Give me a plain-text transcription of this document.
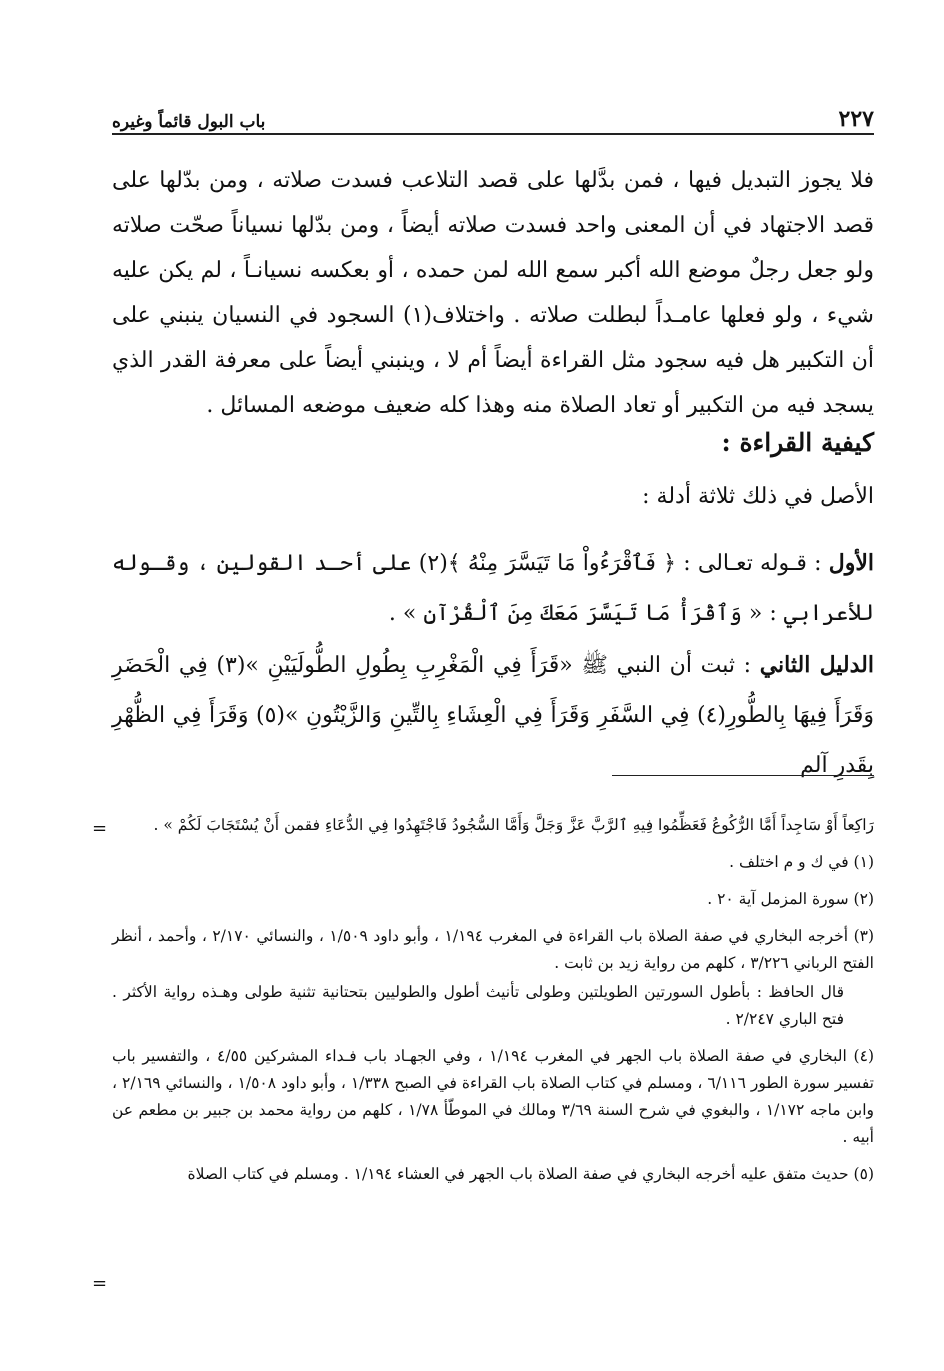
٢٢٧
باب البول قائماً وغيره

فلا يجوز التبديل فيها ، فمن بدَّلها على قصد التلاعب فسدت صلاته ، ومن بدّلها على قصد الاجتهاد في أن المعنى واحد فسدت صلاته أيضاً ، ومن بدّلها نسياناً صحّت صلاته ولو جعل رجلٌ موضع الله أكبر سمع الله لمن حمده ، أو بعكسه نسيانـاً ، لم يكن عليه شيء ، ولو فعلها عامـداً لبطلت صلاته . واختلاف(١) السجود في النسيان ينبني على أن التكبير هل فيه سجود مثل القراءة أيضاً أم لا ، وينبني أيضاً على معرفة القدر الذي يسجد فيه من التكبير أو تعاد الصلاة منه وهذا كله ضعيف موضعه المسائل .

كيفية القراءة :
الأصل في ذلك ثلاثة أدلة :

الأول : قـوله تعـالى : ﴿ فَٱقْرَءُواْ مَا تَيَسَّرَ مِنْهُ ﴾(٢) على أحـد القولين ، وقـوله للأعرابي : « وَٱقْرَأْ مَا تَيَسَّرَ مَعَكَ مِنَ ٱلْقُرْآنِ » .

الدليل الثاني : ثبت أن النبي ﷺ «قَرَأَ فِي الْمَغْرِبِ بِطُولِ الطُّولَيَيْنِ »(٣) فِي الْحَضَرِ وَقَرَأَ فِيهَا بِالطُّورِ(٤) فِي السَّفَرِ وَقَرَأَ فِي الْعِشَاءِ بِالتِّينِ وَالزَّيْتُونِ »(٥) وَقَرَأَ فِي الظُّهْرِ بِقَدرِ آلم

رَاكِعاً أَوْ سَاجِداً أَمَّا الرُّكُوعُ فَعَظِّمُوا فِيهِ ٱلرَّبَّ عَزَّ وَجَلَّ وَأَمَّا السُّجُودُ فَاجْتَهِدُوا فِي الدُّعَاءِ فقمن أَنْ يُسْتَجَابَ لَكُمْ » .

(١) في ك و م اختلف .

(٢) سورة المزمل آية ٢٠ .

(٣) أخرجه البخاري في صفة الصلاة باب القراءة في المغرب ١/١٩٤ ، وأبو داود ١/٥٠٩ ، والنسائي ٢/١٧٠ ، وأحمد ، أنظر الفتح الرباني ٣/٢٢٦ ، كلهم من رواية زيد بن ثابت .

قال الحافظ : بأطول السورتين الطويلتين وطولى تأنيث أطول والطوليين بتحتانية تثنية طولى وهـذه رواية الأكثر . فتح الباري ٢/٢٤٧ .

(٤) البخاري في صفة الصلاة باب الجهر في المغرب ١/١٩٤ ، وفي الجهـاد باب فـداء المشركين ٤/٥٥ ، والتفسير باب تفسير سورة الطور ٦/١١٦ ، ومسلم في كتاب الصلاة باب القراءة في الصبح ١/٣٣٨ ، وأبو داود ١/٥٠٨ ، والنسائي ٢/١٦٩ ، وابن ماجه ١/١٧٢ ، والبغوي في شرح السنة ٣/٦٩ ومالك في الموطّأ ١/٧٨ ، كلهم من رواية محمد بن جبير بن مطعم عن أبيه .

(٥) حديث متفق عليه أخرجه البخاري في صفة الصلاة باب الجهر في العشاء ١/١٩٤ . ومسلم في كتاب الصلاة

=
=
